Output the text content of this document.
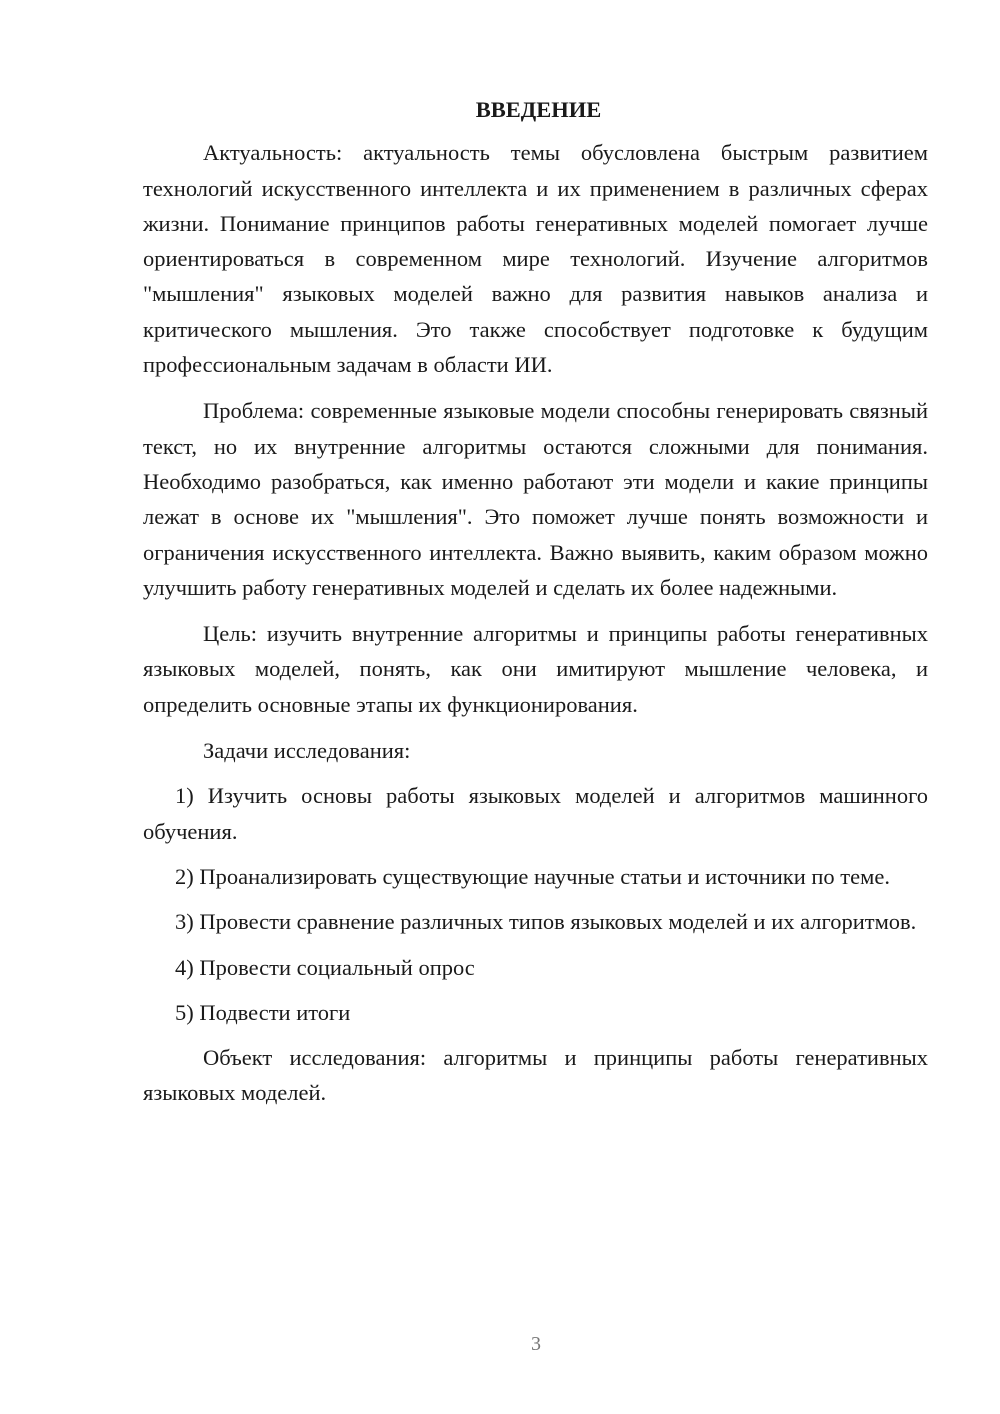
ВВЕДЕНИЕ

Актуальность: актуальность темы обусловлена быстрым развитием технологий искусственного интеллекта и их применением в различных сферах жизни. Понимание принципов работы генеративных моделей помогает лучше ориентироваться в современном мире технологий. Изучение алгоритмов "мышления" языковых моделей важно для развития навыков анализа и критического мышления. Это также способствует подготовке к будущим профессиональным задачам в области ИИ.

Проблема: современные языковые модели способны генерировать связный текст, но их внутренние алгоритмы остаются сложными для понимания. Необходимо разобраться, как именно работают эти модели и какие принципы лежат в основе их "мышления". Это поможет лучше понять возможности и ограничения искусственного интеллекта. Важно выявить, каким образом можно улучшить работу генеративных моделей и сделать их более надежными.

Цель: изучить внутренние алгоритмы и принципы работы генеративных языковых моделей, понять, как они имитируют мышление человека, и определить основные этапы их функционирования.

Задачи исследования:

1) Изучить основы работы языковых моделей и алгоритмов машинного обучения.

2) Проанализировать существующие научные статьи и источники по теме.

3) Провести сравнение различных типов языковых моделей и их алгоритмов.

4) Провести социальный опрос

5) Подвести итоги

Объект исследования: алгоритмы и принципы работы генеративных языковых моделей.

3
